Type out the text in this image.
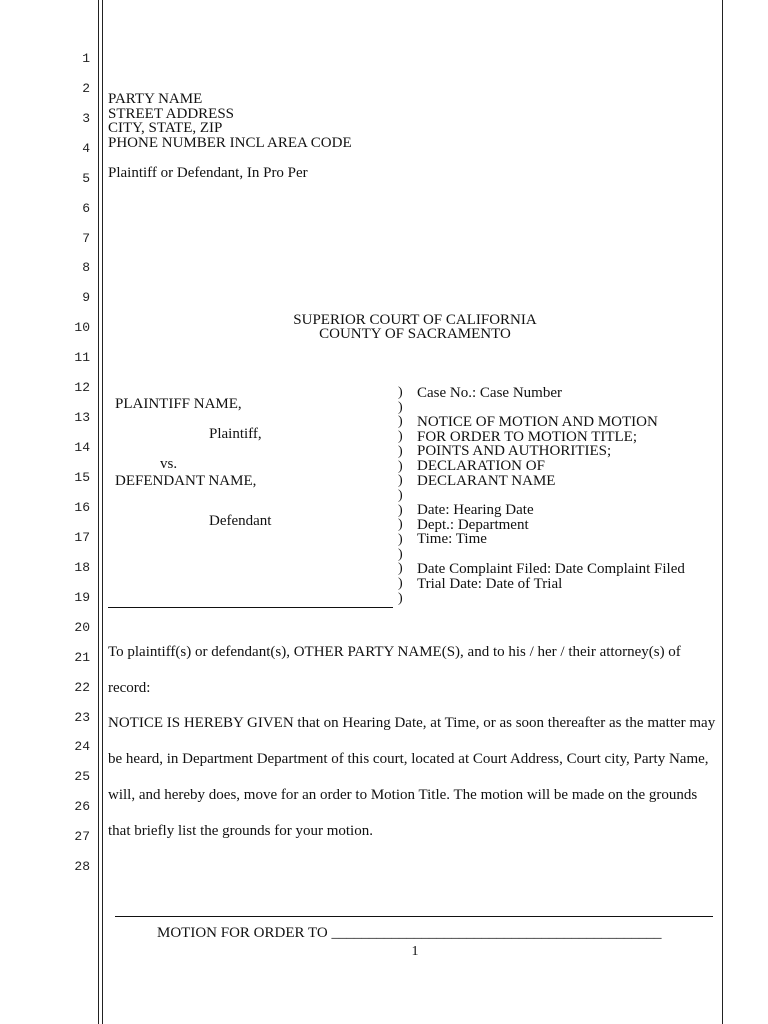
1
2
3
4
5
6
7
8
9
10
11
12
13
14
15
16
17
18
19
20
21
22
23
24
25
26
27
28
PARTY NAME
STREET ADDRESS
CITY, STATE, ZIP
PHONE NUMBER INCL AREA CODE
Plaintiff or Defendant, In Pro Per
SUPERIOR COURT OF CALIFORNIA
COUNTY OF SACRAMENTO
PLAINTIFF NAME,
Plaintiff,
vs.
DEFENDANT NAME,
Defendant
)
)
)
)
)
)
)
)
)
)
)
)
)
)
)
Case No.: Case Number
NOTICE OF MOTION AND MOTION
FOR ORDER TO MOTION TITLE;
POINTS AND AUTHORITIES;
DECLARATION OF
DECLARANT NAME
Date: Hearing Date
Dept.: Department
Time: Time
Date Complaint Filed: Date Complaint Filed
Trial Date: Date of Trial
To plaintiff(s) or defendant(s), OTHER PARTY NAME(S), and to his / her / their attorney(s) of
record:
NOTICE IS HEREBY GIVEN that on Hearing Date, at Time, or as soon thereafter as the matter may
be heard, in Department Department of this court, located at Court Address, Court city, Party Name,
will, and hereby does, move for an order to Motion Title. The motion will be made on the grounds
that briefly list the grounds for your motion.
MOTION FOR ORDER TO ____________________________________________
1
